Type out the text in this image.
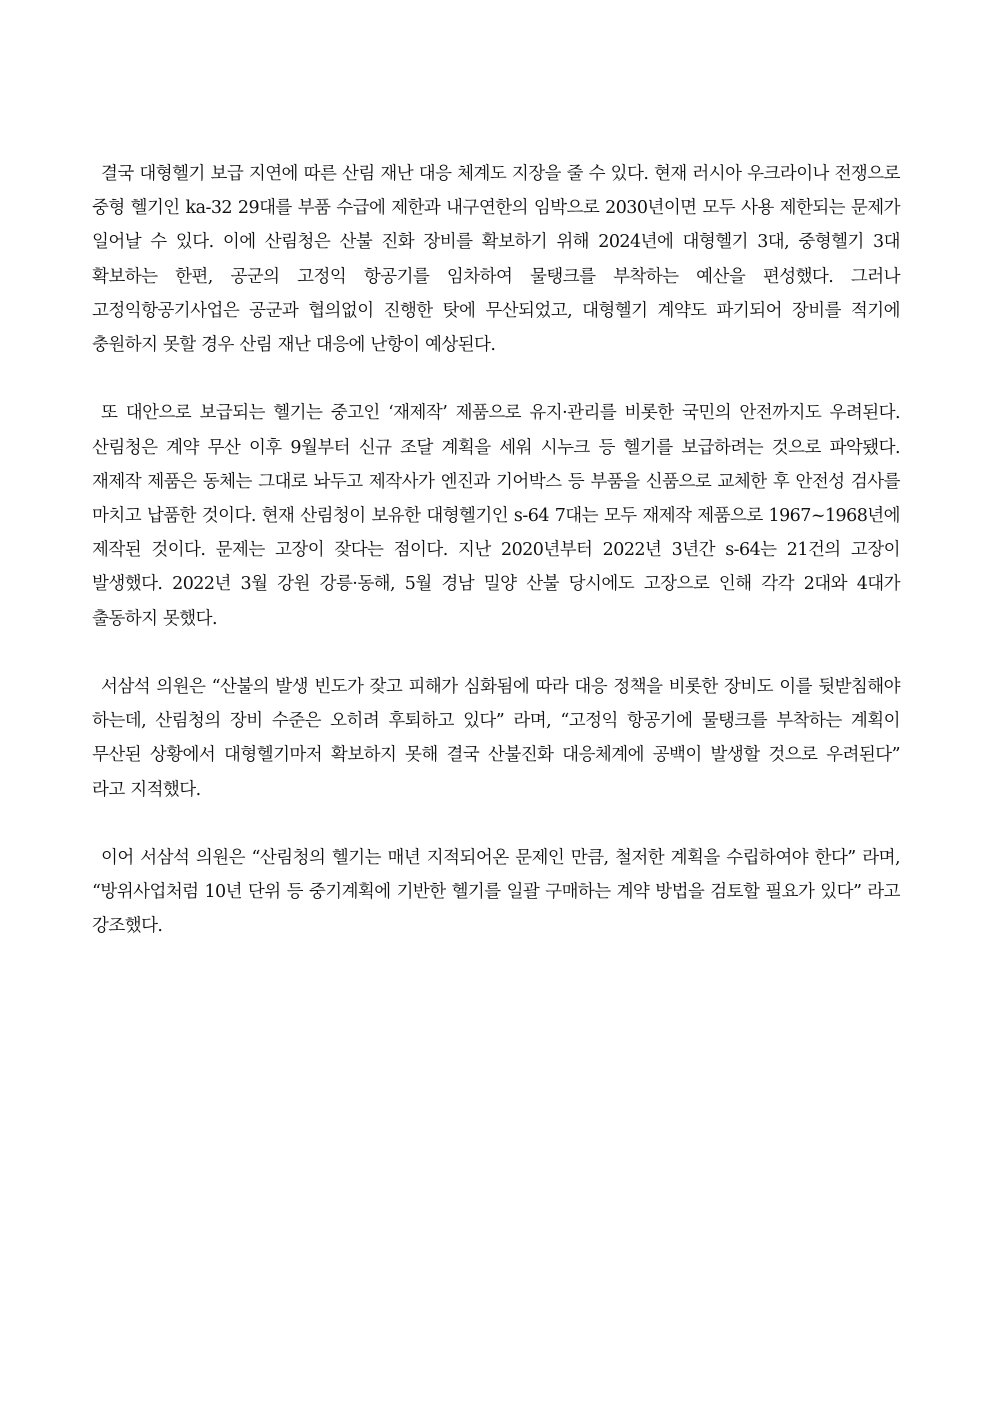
결국 대형헬기 보급 지연에 따른 산림 재난 대응 체계도 지장을 줄 수 있다. 현재 러시아 우크라이나 전쟁으로 중형 헬기인 ka-32 29대를 부품 수급에 제한과 내구연한의 임박으로 2030년이면 모두 사용 제한되는 문제가 일어날 수 있다. 이에 산림청은 산불 진화 장비를 확보하기 위해 2024년에 대형헬기 3대, 중형헬기 3대 확보하는 한편, 공군의 고정익 항공기를 임차하여 물탱크를 부착하는 예산을 편성했다. 그러나 고정익항공기사업은 공군과 협의없이 진행한 탓에 무산되었고, 대형헬기 계약도 파기되어 장비를 적기에 충원하지 못할 경우 산림 재난 대응에 난항이 예상된다.

또 대안으로 보급되는 헬기는 중고인 ‘재제작’ 제품으로 유지·관리를 비롯한 국민의 안전까지도 우려된다. 산림청은 계약 무산 이후 9월부터 신규 조달 계획을 세워 시누크 등 헬기를 보급하려는 것으로 파악됐다. 재제작 제품은 동체는 그대로 놔두고 제작사가 엔진과 기어박스 등 부품을 신품으로 교체한 후 안전성 검사를 마치고 납품한 것이다. 현재 산림청이 보유한 대형헬기인 s-64 7대는 모두 재제작 제품으로 1967~1968년에 제작된 것이다. 문제는 고장이 잦다는 점이다. 지난 2020년부터 2022년 3년간 s-64는 21건의 고장이 발생했다. 2022년 3월 강원 강릉·동해, 5월 경남 밀양 산불 당시에도 고장으로 인해 각각 2대와 4대가 출동하지 못했다.

서삼석 의원은 “산불의 발생 빈도가 잦고 피해가 심화됨에 따라 대응 정책을 비롯한 장비도 이를 뒷받침해야 하는데, 산림청의 장비 수준은 오히려 후퇴하고 있다” 라며, “고정익 항공기에 물탱크를 부착하는 계획이 무산된 상황에서 대형헬기마저 확보하지 못해 결국 산불진화 대응체계에 공백이 발생할 것으로 우려된다” 라고 지적했다.

이어 서삼석 의원은 “산림청의 헬기는 매년 지적되어온 문제인 만큼, 철저한 계획을 수립하여야 한다” 라며, “방위사업처럼 10년 단위 등 중기계획에 기반한 헬기를 일괄 구매하는 계약 방법을 검토할 필요가 있다” 라고 강조했다.
